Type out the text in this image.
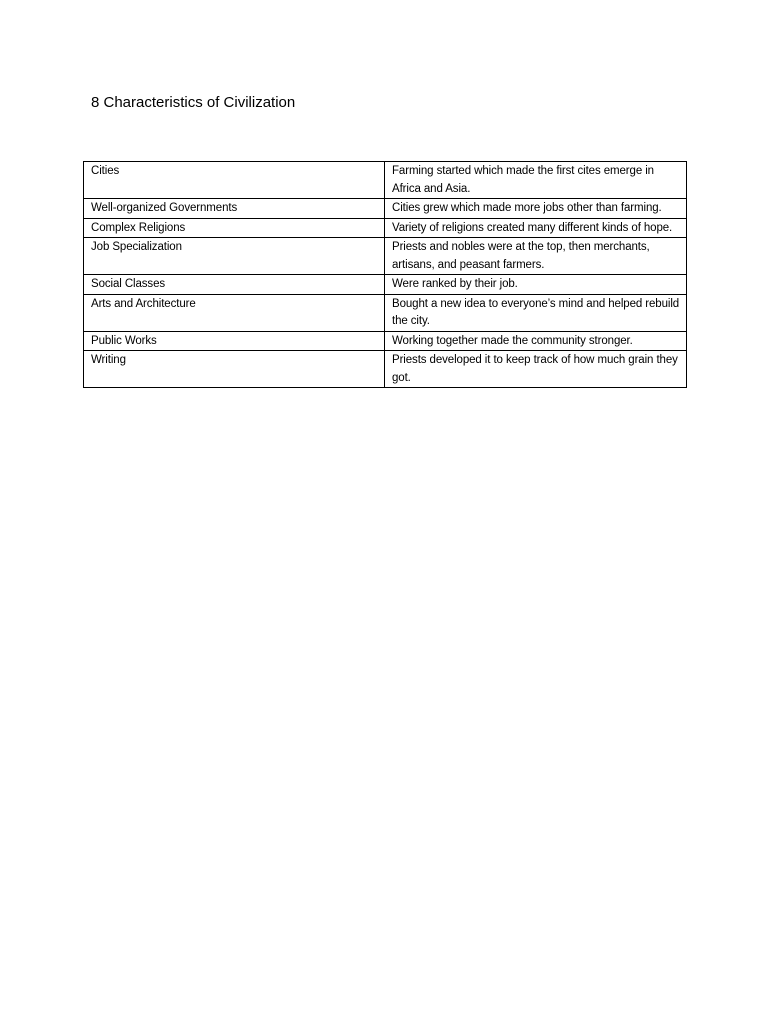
8 Characteristics of Civilization
Cities	Farming started which made the first cites emerge in Africa and Asia.
Well-organized Governments	Cities grew which made more jobs other than farming.
Complex Religions	Variety of religions created many different kinds of hope.
Job Specialization	Priests and nobles were at the top, then merchants, artisans, and peasant farmers.
Social Classes	Were ranked by their job.
Arts and Architecture	Bought a new idea to everyone’s mind and helped rebuild the city.
Public Works	Working together made the community stronger.
Writing	Priests developed it to keep track of how much grain they got.
